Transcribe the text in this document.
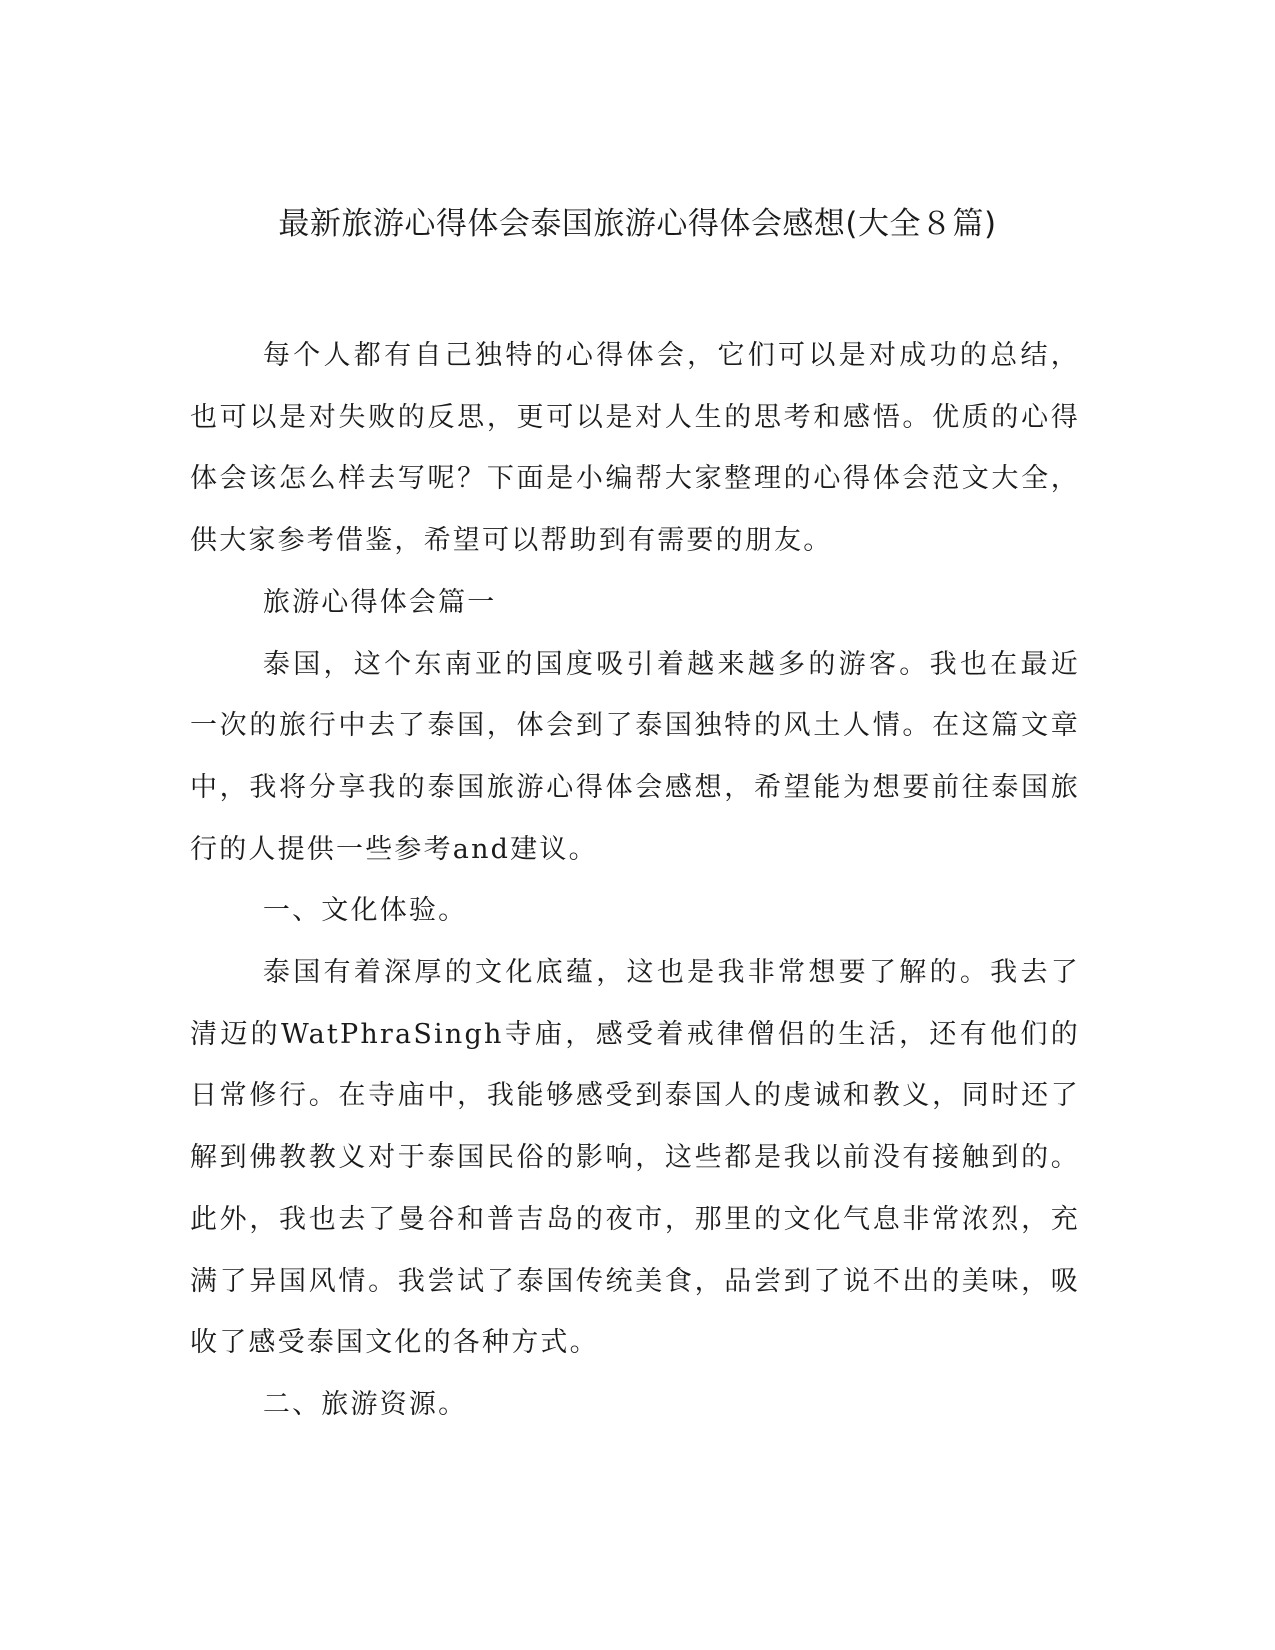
最新旅游心得体会泰国旅游心得体会感想(大全８篇)

每个人都有自己独特的心得体会，它们可以是对成功的总结，也可以是对失败的反思，更可以是对人生的思考和感悟。优质的心得体会该怎么样去写呢？下面是小编帮大家整理的心得体会范文大全，供大家参考借鉴，希望可以帮助到有需要的朋友。

旅游心得体会篇一

泰国，这个东南亚的国度吸引着越来越多的游客。我也在最近一次的旅行中去了泰国，体会到了泰国独特的风土人情。在这篇文章中，我将分享我的泰国旅游心得体会感想，希望能为想要前往泰国旅行的人提供一些参考and建议。

一、文化体验。

泰国有着深厚的文化底蕴，这也是我非常想要了解的。我去了清迈的WatPhraSingh寺庙，感受着戒律僧侣的生活，还有他们的日常修行。在寺庙中，我能够感受到泰国人的虔诚和教义，同时还了解到佛教教义对于泰国民俗的影响，这些都是我以前没有接触到的。此外，我也去了曼谷和普吉岛的夜市，那里的文化气息非常浓烈，充满了异国风情。我尝试了泰国传统美食，品尝到了说不出的美味，吸收了感受泰国文化的各种方式。

二、旅游资源。
